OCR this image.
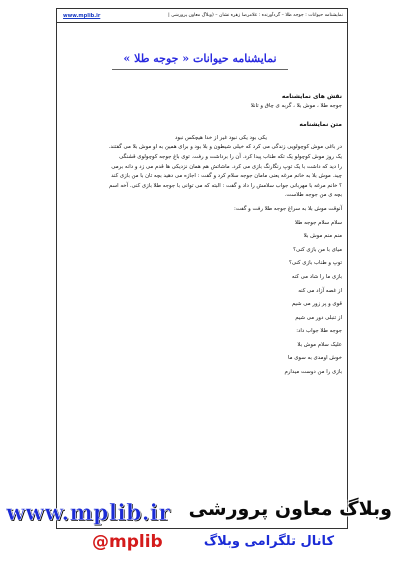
نمایشنامه حیوانات : جوجه طلا – گردآورنده : غلامرضا زهره نشان – (وبلاگ معاون پرورشی |
www.mplib.ir
نمایشنامه حیوانات « جوجه طلا »

نقش های نمایشنامه

جوجه طلا ، موش بلا ، گربه ی چاق و تانلا

متن نمایشنامه

یکی بود یکی نبود غیر از خدا هیچکس نبود

در باغی موش کوچولویی زندگی می کرد که خیلی شیطون و بلا بود و برای همین به او موش بلا می گفتند.

یک روز موش کوچولو یک تکه طناب پیدا کرد. آن را برداشت و رفت. توی باغ جوجه کوچولوی قشنگی

را دید که داشت با یک توپ رنگارنگ بازی می کرد. ماشاتش هم همان نزدیکی ها قدم می زد و دانه برمی

چید. موش بلا به خانم مرغه یعنی مامان جوجه سلام کرد و گفت : اجازه می دهید بچه تان با من بازی کند

؟ خانم مرغه با مهربانی جواب سلامش را داد و گفت : البته که می توانی با جوجه طلا بازی کنی. آخه اسم

بچه ی من جوجه طلاست.

آنوقت موش بلا به سراغ جوجه طلا رفت و گفت:

سلام سلام جوجه طلا

منم منم موش بلا

میای با من بازی کنی؟

توپ و طناب بازی کنی؟

بازی ما را شاد می کنه

از غصه آزاد می کنه

قوی و پر زور می شیم

از تنبلی دور می شیم

جوجه طلا جواب داد:

علیک سلام موش بلا

خوش اومدی به سوی ما

بازی را من دوست میدارم

www.mplib.ir وبلاگ معاون پرورشی
@mplib	کانال تلگرامی وبلاگ
